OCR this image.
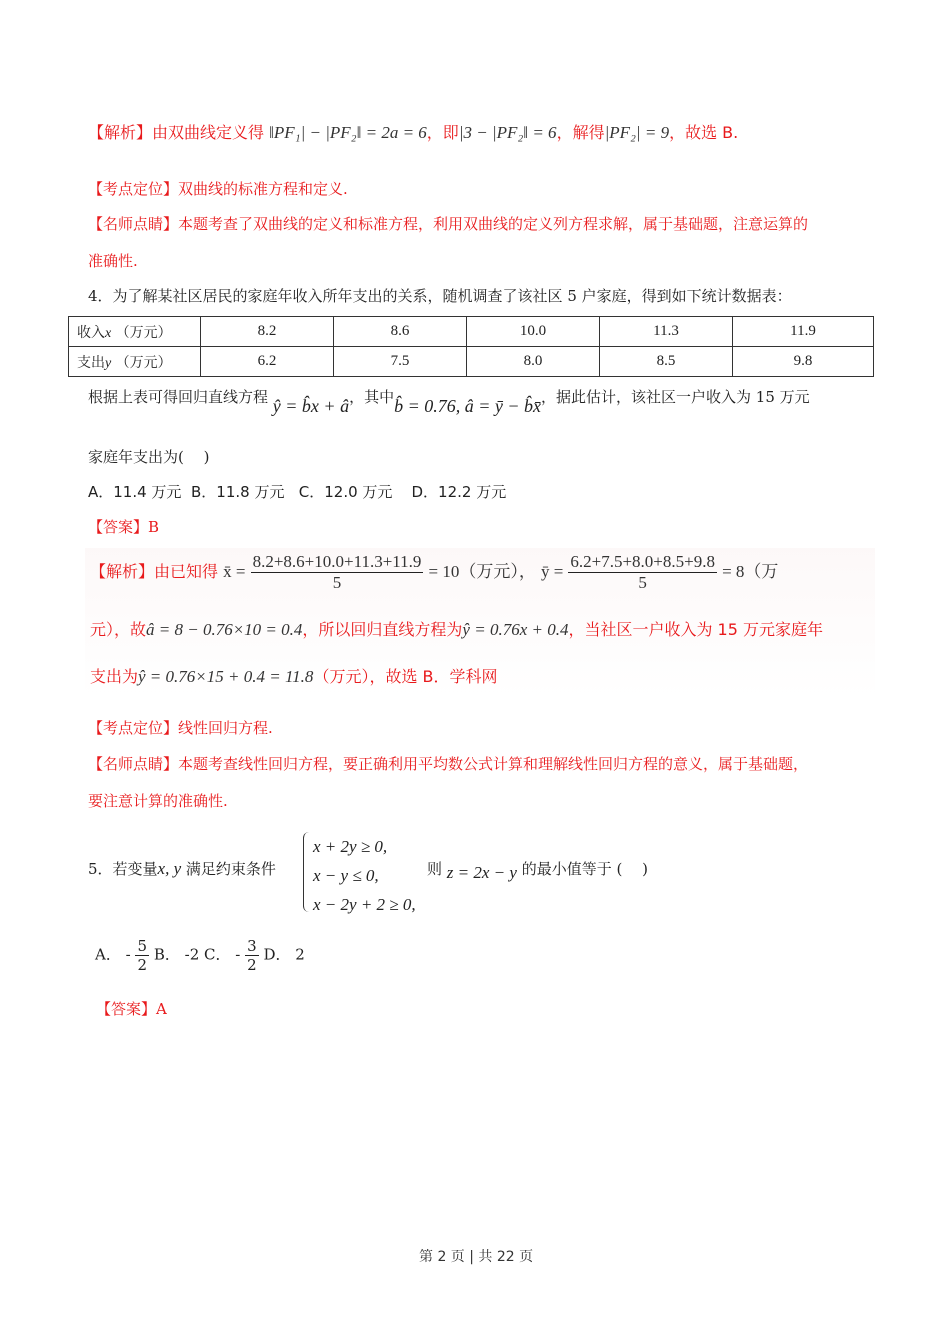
【解析】由双曲线定义得 ‖PF₁| − |PF₂‖ = 2a = 6，即|3 − |PF₂‖ = 6，解得|PF₂| = 9，故选 B.
【考点定位】双曲线的标准方程和定义.
【名师点睛】本题考查了双曲线的定义和标准方程，利用双曲线的定义列方程求解，属于基础题，注意运算的
准确性.
4．为了解某社区居民的家庭年收入所年支出的关系，随机调查了该社区 5 户家庭，得到如下统计数据表：
收入x （万元）	8.2	8.6	10.0	11.3	11.9
支出y （万元）	6.2	7.5	8.0	8.5	9.8
根据上表可得回归直线方程 ŷ = b̂x + â，其中b̂ = 0.76, â = ȳ − b̂x̄，据此估计，该社区一户收入为 15 万元
家庭年支出为(　 )
A．11.4 万元 B．11.8 万元 C．12.0 万元 D．12.2 万元
【答案】B
【解析】由已知得 x̄ = $\frac{8.2+8.6+10.0+11.3+11.9}{5} = 10$（万元）， ȳ = $\frac{6.2+7.5+8.0+8.5+9.8}{5} = 8$（万
元），故â = 8 − 0.76×10 = 0.4，所以回归直线方程为ŷ = 0.76x + 0.4，当社区一户收入为 15 万元家庭年
支出为ŷ = 0.76×15 + 0.4 = 11.8（万元），故选 B．学科网
【考点定位】线性回归方程.
【名师点睛】本题考查线性回归方程，要正确利用平均数公式计算和理解线性回归方程的意义，属于基础题，
要注意计算的准确性.
5．若变量x, y 满足约束条件
x + 2y ≥ 0,
x − y ≤ 0,
x − 2y + 2 ≥ 0,
则 z = 2x − y 的最小值等于 (　 )
A． - $\frac{5}{2}$ B． -2 C． - $\frac{3}{2}$ D． 2
【答案】A
第 2 页 | 共 22 页
